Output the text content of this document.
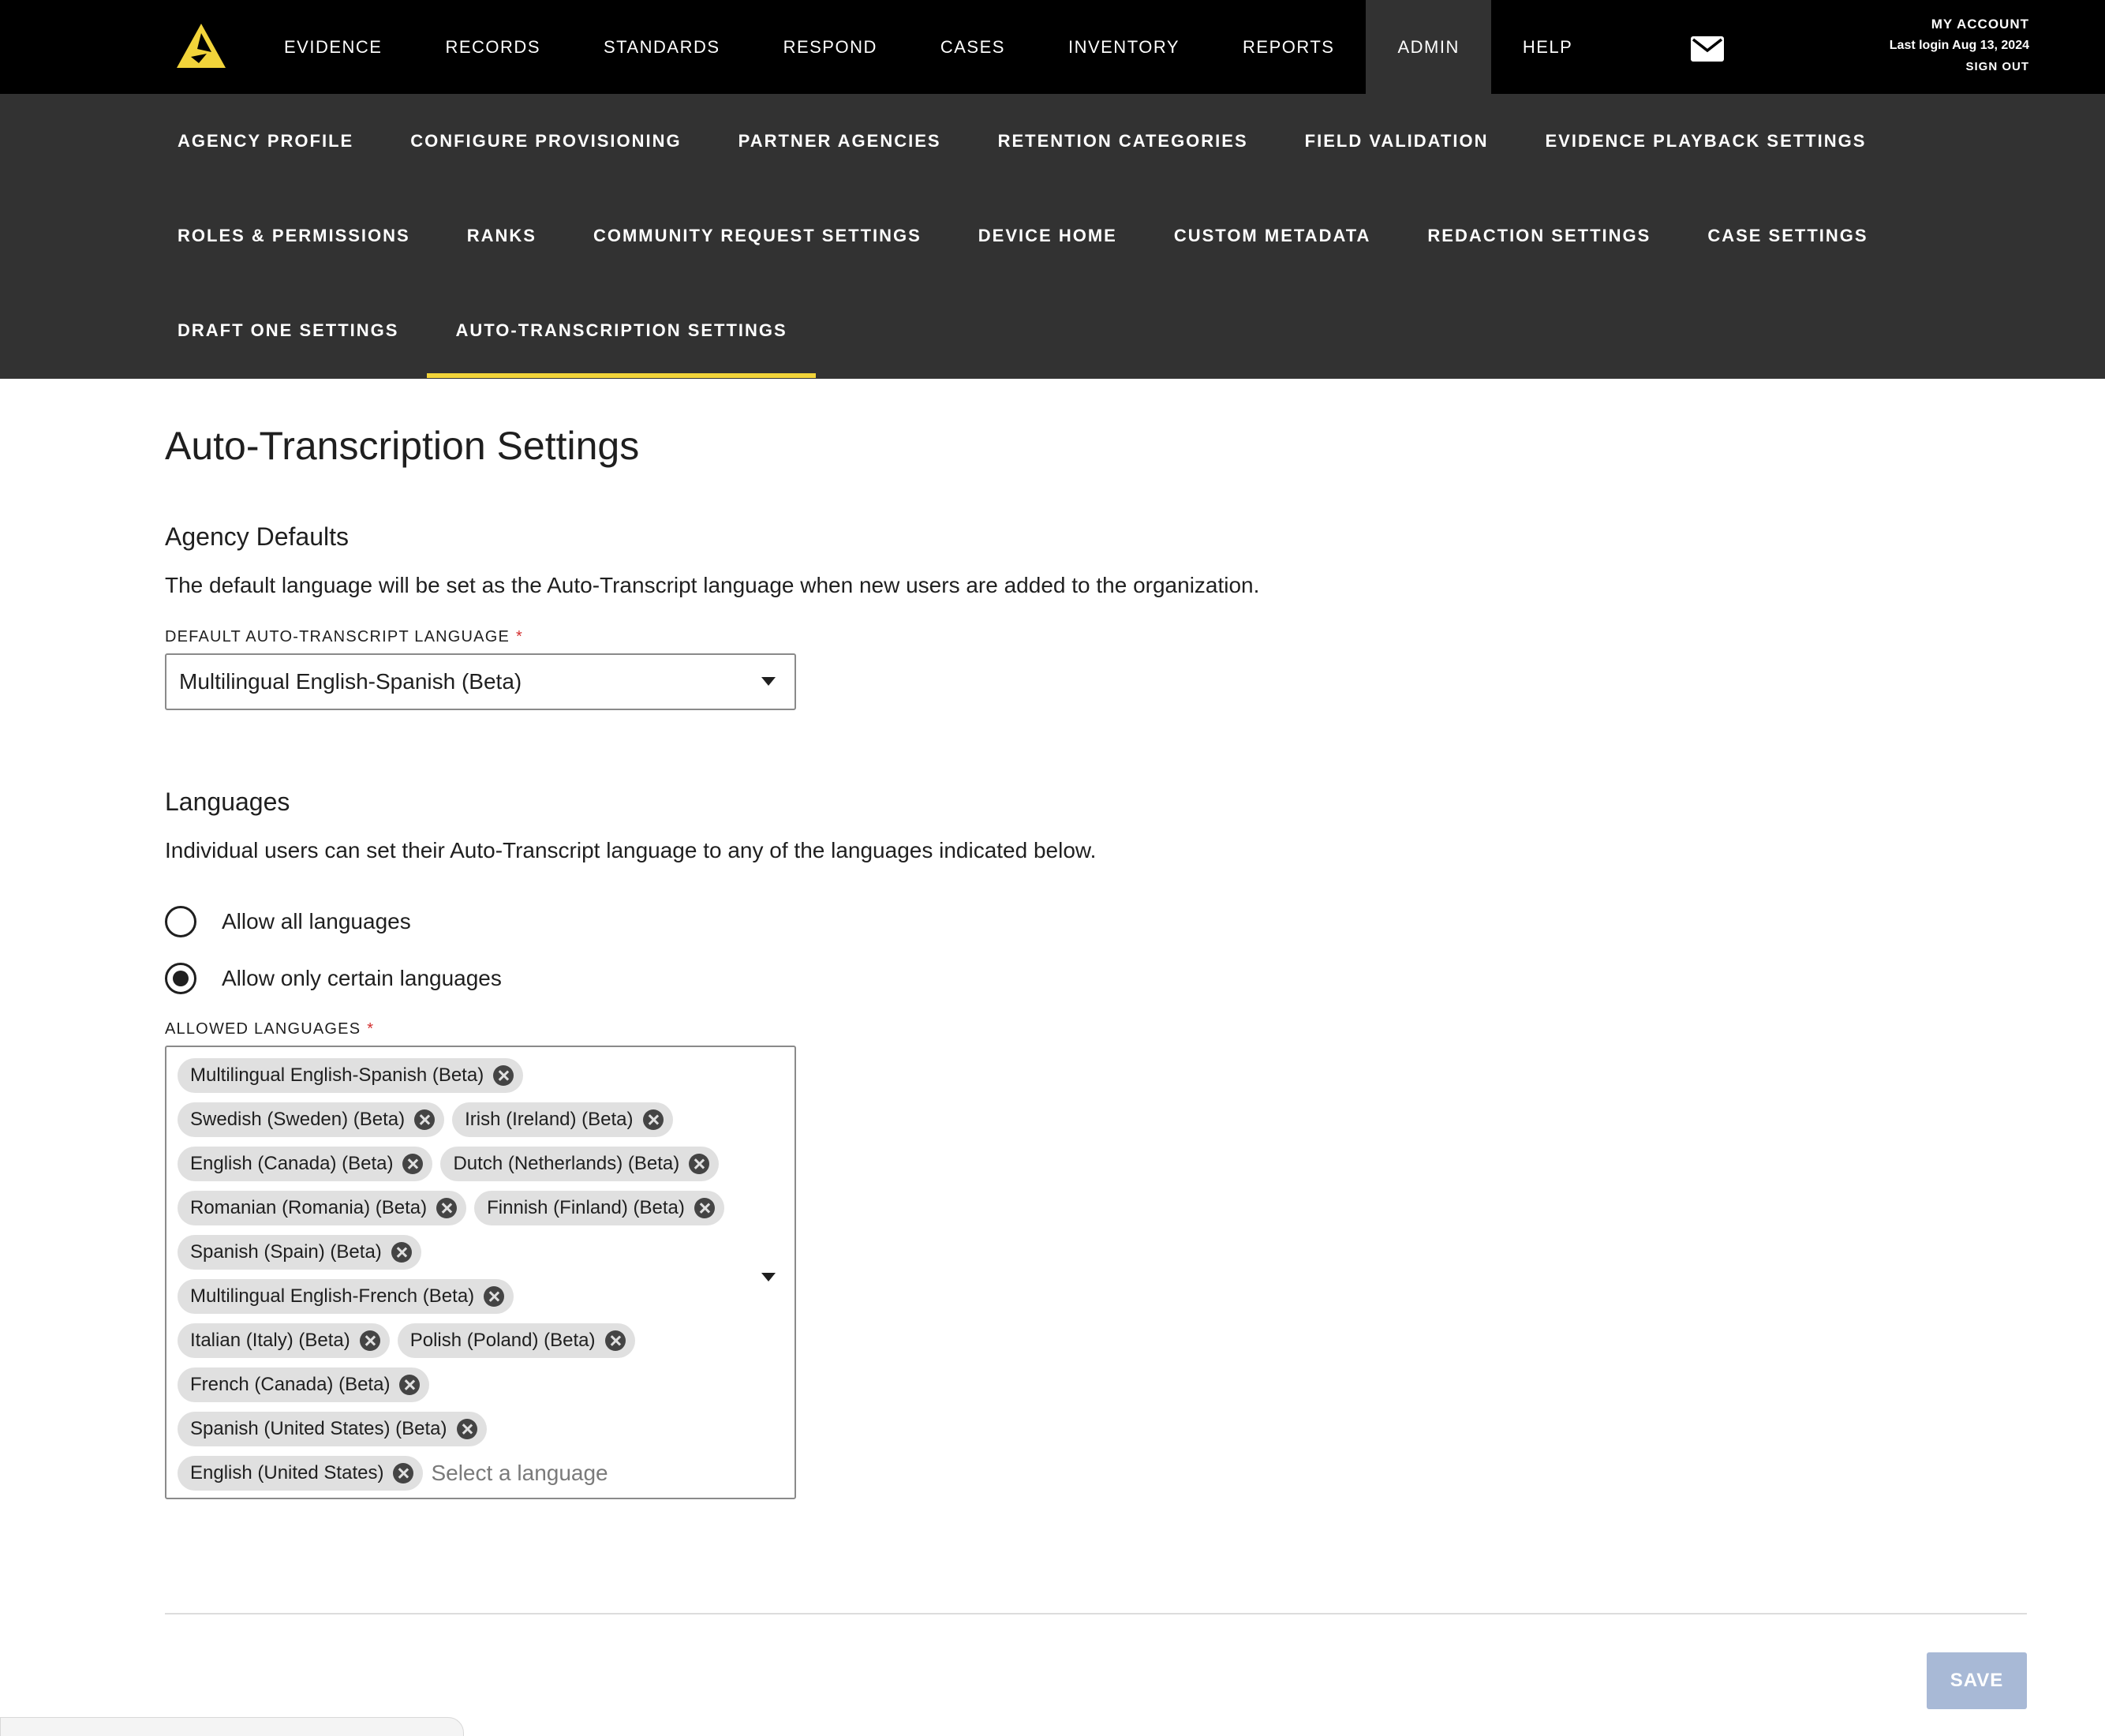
EVIDENCE	RECORDS	STANDARDS	RESPOND	CASES	INVENTORY	REPORTS	ADMIN	HELP
MY ACCOUNT
Last login Aug 13, 2024
SIGN OUT
AGENCY PROFILE	CONFIGURE PROVISIONING	PARTNER AGENCIES	RETENTION CATEGORIES	FIELD VALIDATION	EVIDENCE PLAYBACK SETTINGS
ROLES & PERMISSIONS	RANKS	COMMUNITY REQUEST SETTINGS	DEVICE HOME	CUSTOM METADATA	REDACTION SETTINGS	CASE SETTINGS
DRAFT ONE SETTINGS	AUTO-TRANSCRIPTION SETTINGS
Auto-Transcription Settings
Agency Defaults

The default language will be set as the Auto-Transcript language when new users are added to the organization.

DEFAULT AUTO-TRANSCRIPT LANGUAGE *
Multilingual English-Spanish (Beta)
Languages

Individual users can set their Auto-Transcript language to any of the languages indicated below.

Allow all languages
Allow only certain languages
ALLOWED LANGUAGES *
Multilingual English-Spanish (Beta)
Swedish (Sweden) (Beta)	Irish (Ireland) (Beta)
English (Canada) (Beta)	Dutch (Netherlands) (Beta)
Romanian (Romania) (Beta)	Finnish (Finland) (Beta)
Spanish (Spain) (Beta)
Multilingual English-French (Beta)
Italian (Italy) (Beta)	Polish (Poland) (Beta)
French (Canada) (Beta)
Spanish (United States) (Beta)
English (United States)
Select a language
SAVE
